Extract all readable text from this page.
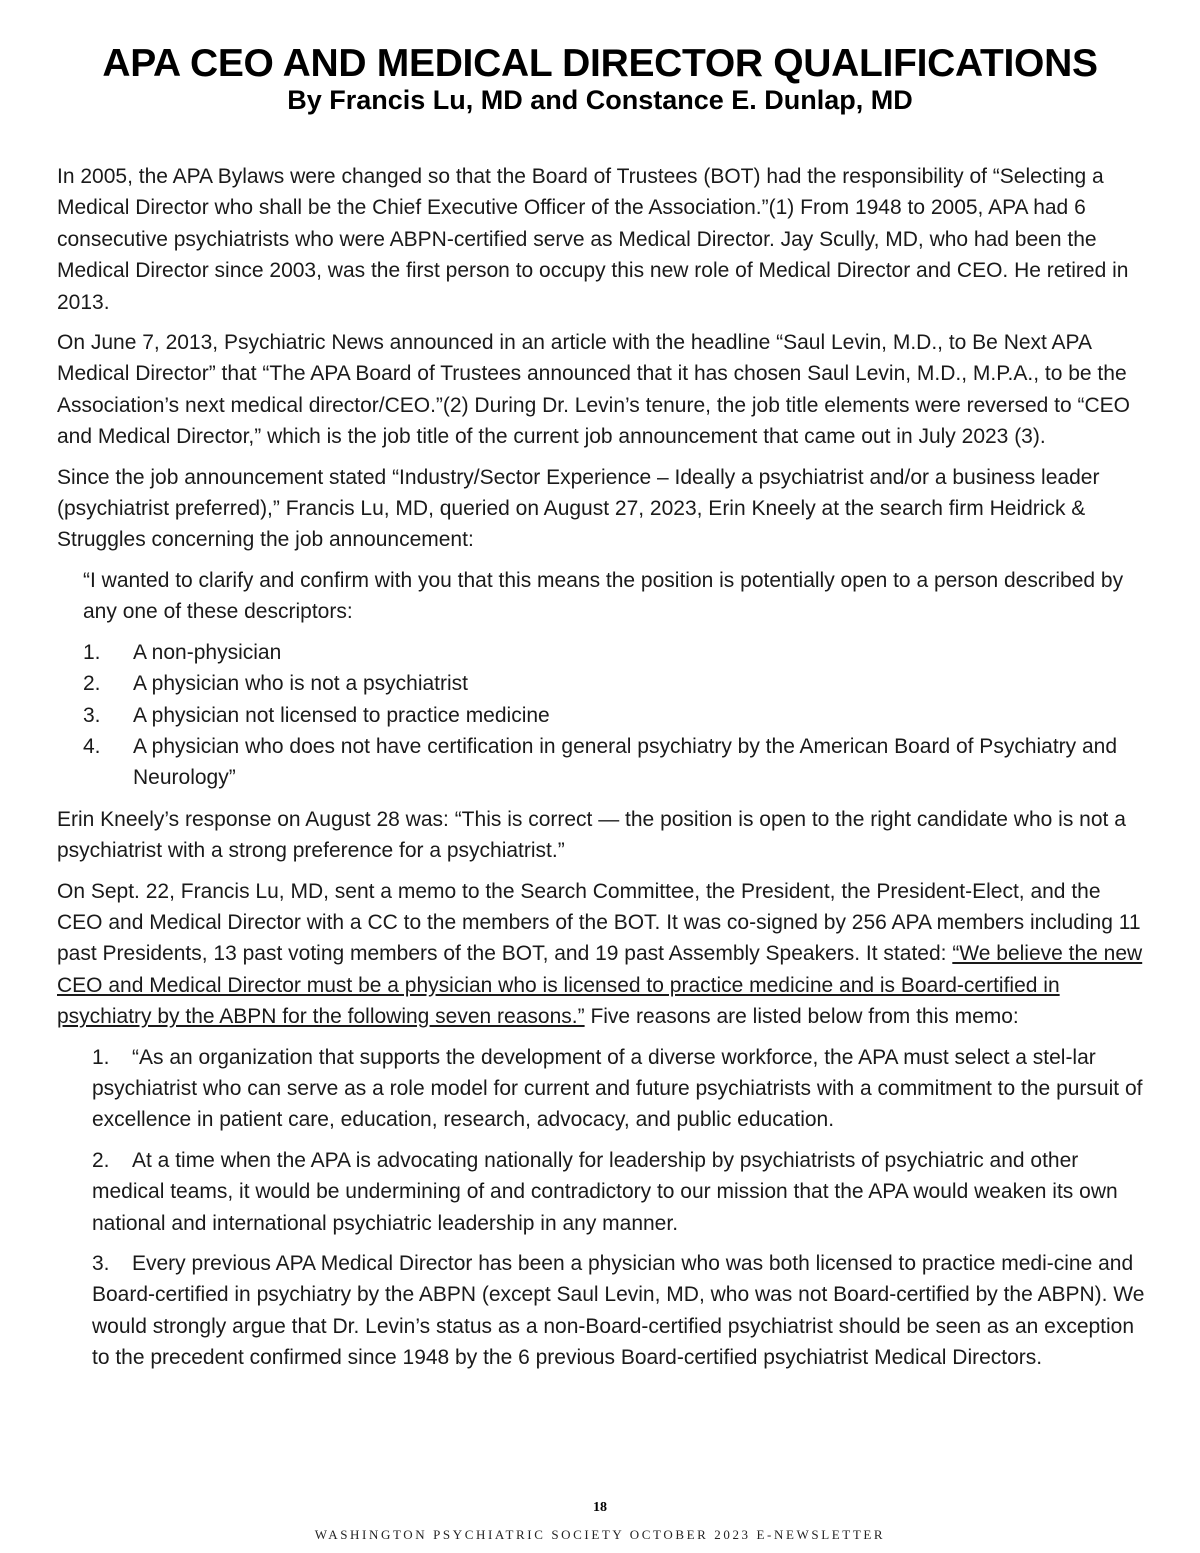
APA CEO AND MEDICAL DIRECTOR QUALIFICATIONS
By Francis Lu, MD and Constance E. Dunlap, MD

In 2005, the APA Bylaws were changed so that the Board of Trustees (BOT) had the responsibility of “Selecting a Medical Director who shall be the Chief Executive Officer of the Association.”(1) From 1948 to 2005, APA had 6 consecutive psychiatrists who were ABPN-certified serve as Medical Director. Jay Scully, MD, who had been the Medical Director since 2003, was the first person to occupy this new role of Medical Director and CEO. He retired in 2013.

On June 7, 2013, Psychiatric News announced in an article with the headline “Saul Levin, M.D., to Be Next APA Medical Director” that “The APA Board of Trustees announced that it has chosen Saul Levin, M.D., M.P.A., to be the Association’s next medical director/CEO.”(2) During Dr. Levin’s tenure, the job title elements were reversed to “CEO and Medical Director,” which is the job title of the current job announcement that came out in July 2023 (3).

Since the job announcement stated “Industry/Sector Experience – Ideally a psychiatrist and/or a business leader (psychiatrist preferred),” Francis Lu, MD, queried on August 27, 2023, Erin Kneely at the search firm Heidrick & Struggles concerning the job announcement:

“I wanted to clarify and confirm with you that this means the position is potentially open to a person described by any one of these descriptors:
1.	A non-physician
2.	A physician who is not a psychiatrist
3.	A physician not licensed to practice medicine
4.	A physician who does not have certification in general psychiatry by the American Board of Psychiatry and Neurology”

Erin Kneely’s response on August 28 was: “This is correct — the position is open to the right candidate who is not a psychiatrist with a strong preference for a psychiatrist.”

On Sept. 22, Francis Lu, MD, sent a memo to the Search Committee, the President, the President-Elect, and the CEO and Medical Director with a CC to the members of the BOT. It was co-signed by 256 APA members including 11 past Presidents, 13 past voting members of the BOT, and 19 past Assembly Speakers. It stated: “We believe the new CEO and Medical Director must be a physician who is licensed to practice medicine and is Board-certified in psychiatry by the ABPN for the following seven reasons.” Five reasons are listed below from this memo:

1. “As an organization that supports the development of a diverse workforce, the APA must select a stel-lar psychiatrist who can serve as a role model for current and future psychiatrists with a commitment to the pursuit of excellence in patient care, education, research, advocacy, and public education.
2. At a time when the APA is advocating nationally for leadership by psychiatrists of psychiatric and other medical teams, it would be undermining of and contradictory to our mission that the APA would weaken its own national and international psychiatric leadership in any manner.
3. Every previous APA Medical Director has been a physician who was both licensed to practice medi-cine and Board-certified in psychiatry by the ABPN (except Saul Levin, MD, who was not Board-certified by the ABPN). We would strongly argue that Dr. Levin’s status as a non-Board-certified psychiatrist should be seen as an exception to the precedent confirmed since 1948 by the 6 previous Board-certified psychiatrist Medical Directors.
18
WASHINGTON PSYCHIATRIC SOCIETY OCTOBER 2023 E-NEWSLETTER
